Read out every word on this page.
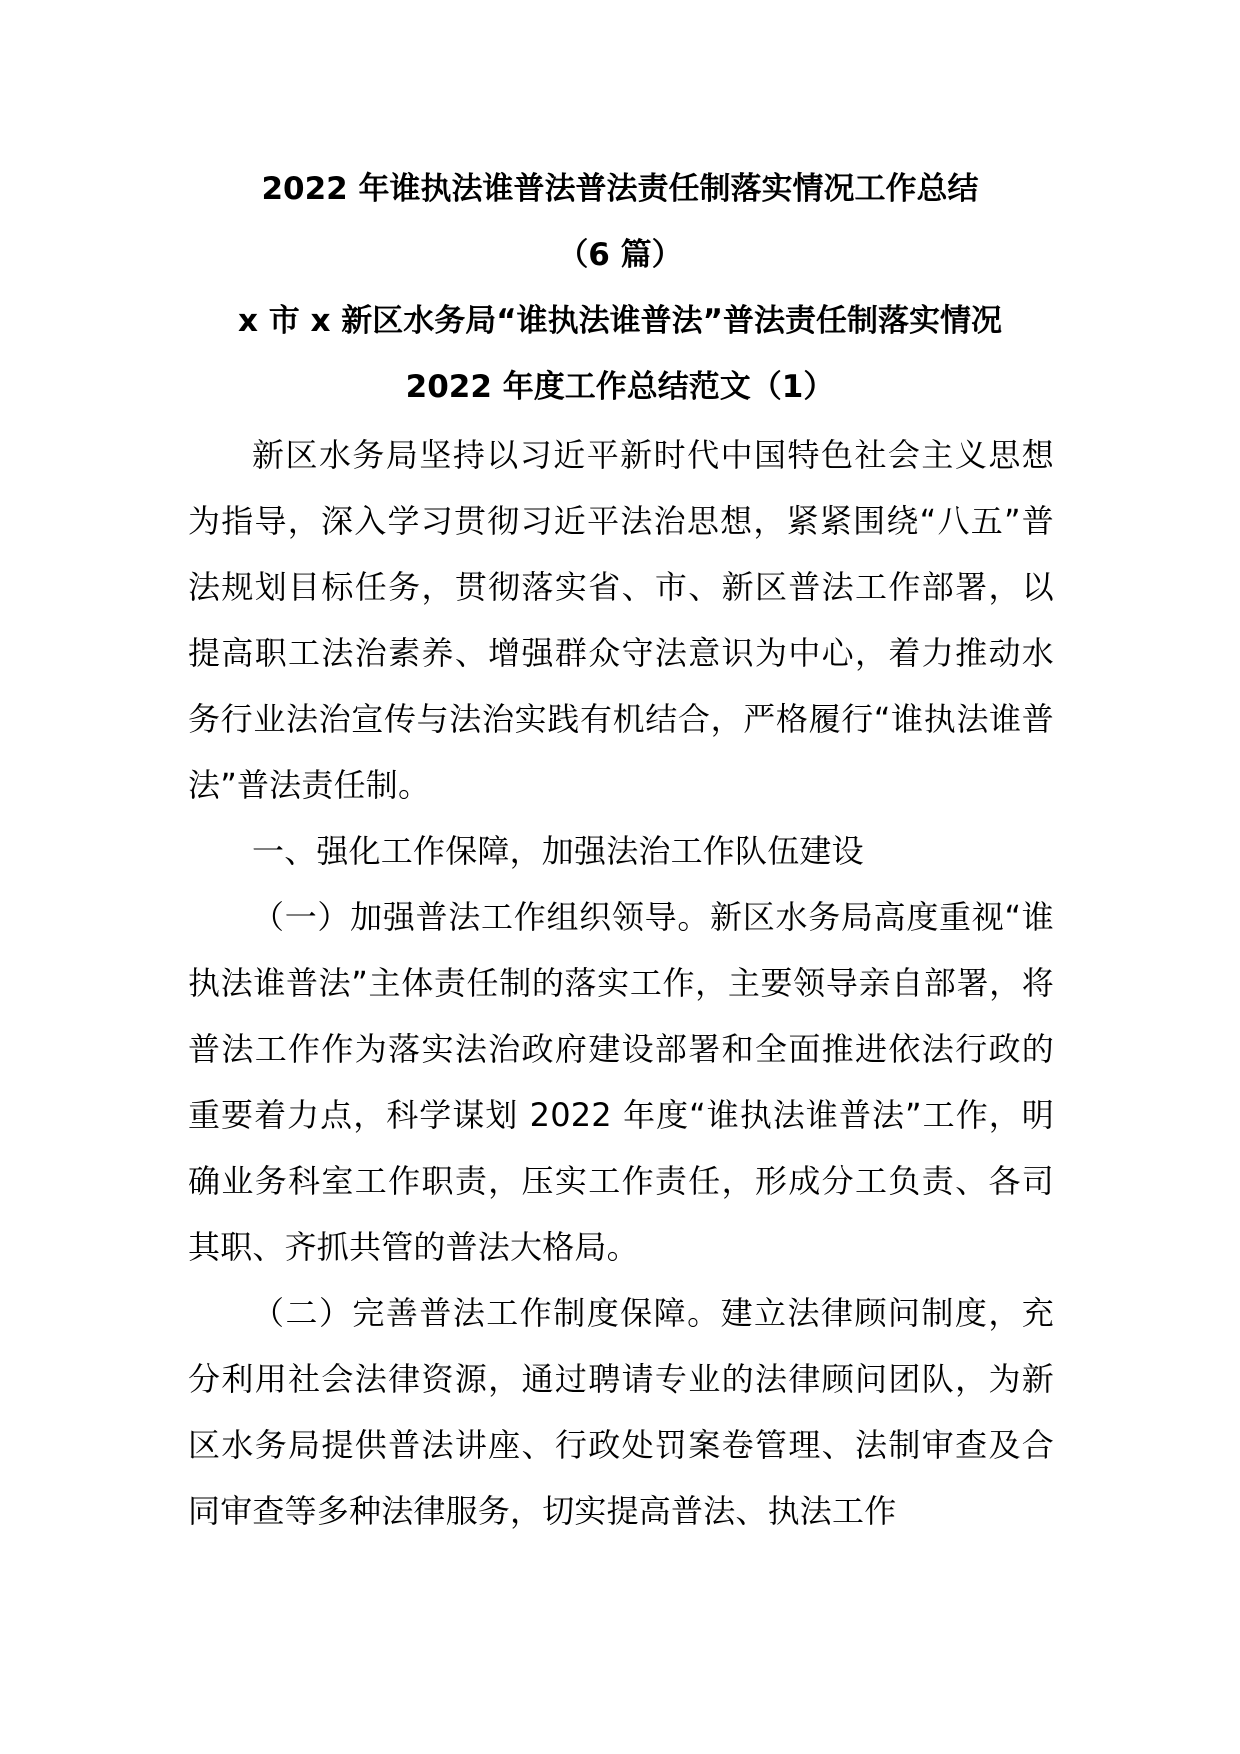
2022 年谁执法谁普法普法责任制落实情况工作总结
（6 篇）
x 市 x 新区水务局“谁执法谁普法”普法责任制落实情况
2022 年度工作总结范文（1）

新区水务局坚持以习近平新时代中国特色社会主义思想为指导，深入学习贯彻习近平法治思想，紧紧围绕“八五”普法规划目标任务，贯彻落实省、市、新区普法工作部署，以提高职工法治素养、增强群众守法意识为中心，着力推动水务行业法治宣传与法治实践有机结合，严格履行“谁执法谁普法”普法责任制。

一、强化工作保障，加强法治工作队伍建设

（一）加强普法工作组织领导。新区水务局高度重视“谁执法谁普法”主体责任制的落实工作，主要领导亲自部署，将普法工作作为落实法治政府建设部署和全面推进依法行政的重要着力点，科学谋划 2022 年度“谁执法谁普法”工作，明确业务科室工作职责，压实工作责任，形成分工负责、各司其职、齐抓共管的普法大格局。

（二）完善普法工作制度保障。建立法律顾问制度，充分利用社会法律资源，通过聘请专业的法律顾问团队，为新区水务局提供普法讲座、行政处罚案卷管理、法制审查及合同审查等多种法律服务，切实提高普法、执法工作
